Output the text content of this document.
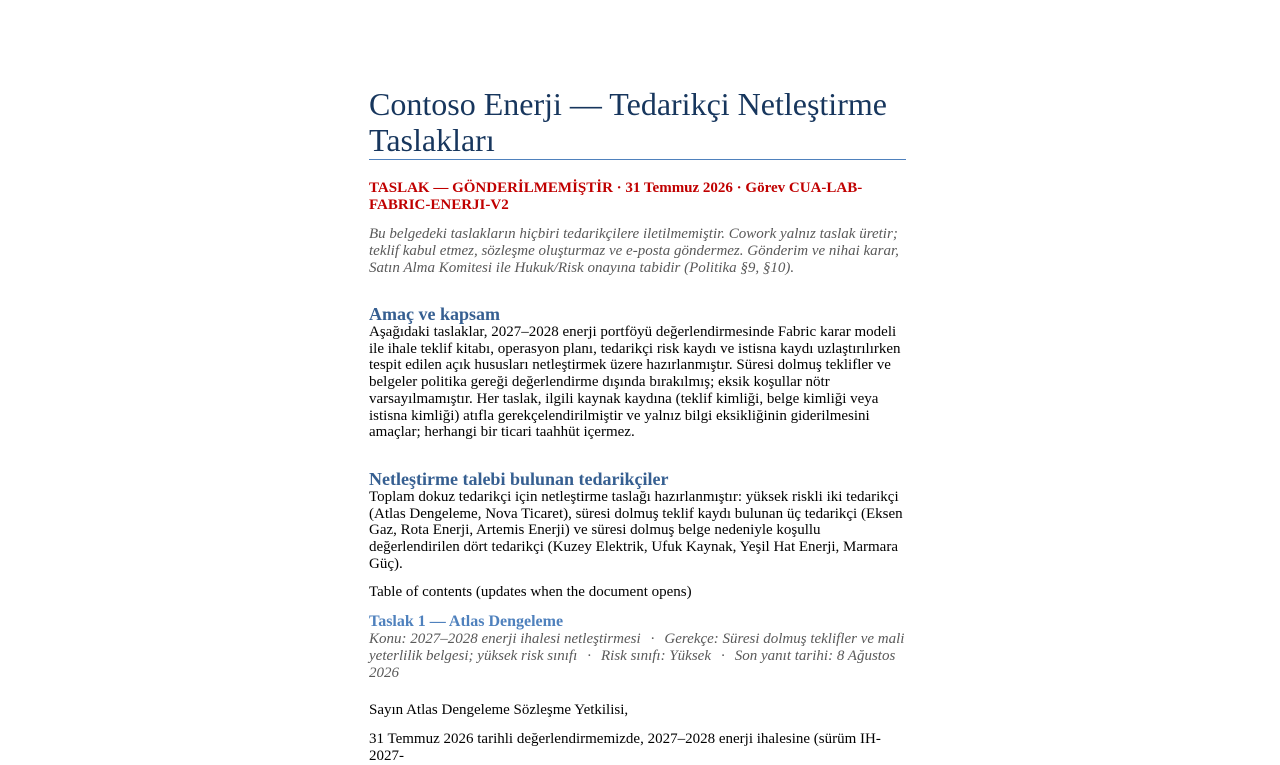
Contoso Enerji — Tedarikçi Netleştirme Taslakları

TASLAK — GÖNDERİLMEMİŞTİR · 31 Temmuz 2026 · Görev CUA-LAB-FABRIC-ENERJI-V2

Bu belgedeki taslakların hiçbiri tedarikçilere iletilmemiştir. Cowork yalnız taslak üretir; teklif kabul etmez, sözleşme oluşturmaz ve e-posta göndermez. Gönderim ve nihai karar, Satın Alma Komitesi ile Hukuk/Risk onayına tabidir (Politika §9, §10).

Amaç ve kapsam

Aşağıdaki taslaklar, 2027–2028 enerji portföyü değerlendirmesinde Fabric karar modeli ile ihale teklif kitabı, operasyon planı, tedarikçi risk kaydı ve istisna kaydı uzlaştırılırken tespit edilen açık hususları netleştirmek üzere hazırlanmıştır. Süresi dolmuş teklifler ve belgeler politika gereği değerlendirme dışında bırakılmış; eksik koşullar nötr varsayılmamıştır. Her taslak, ilgili kaynak kaydına (teklif kimliği, belge kimliği veya istisna kimliği) atıfla gerekçelendirilmiştir ve yalnız bilgi eksikliğinin giderilmesini amaçlar; herhangi bir ticari taahhüt içermez.

Netleştirme talebi bulunan tedarikçiler

Toplam dokuz tedarikçi için netleştirme taslağı hazırlanmıştır: yüksek riskli iki tedarikçi (Atlas Dengeleme, Nova Ticaret), süresi dolmuş teklif kaydı bulunan üç tedarikçi (Eksen Gaz, Rota Enerji, Artemis Enerji) ve süresi dolmuş belge nedeniyle koşullu değerlendirilen dört tedarikçi (Kuzey Elektrik, Ufuk Kaynak, Yeşil Hat Enerji, Marmara Güç).

Table of contents (updates when the document opens)

Taslak 1 — Atlas Dengeleme

Konu: 2027–2028 enerji ihalesi netleştirmesi · Gerekçe: Süresi dolmuş teklifler ve mali yeterlilik belgesi; yüksek risk sınıfı · Risk sınıfı: Yüksek · Son yanıt tarihi: 8 Ağustos 2026

Sayın Atlas Dengeleme Sözleşme Yetkilisi,

31 Temmuz 2026 tarihli değerlendirmemizde, 2027–2028 enerji ihalesine (sürüm IH-2027-
